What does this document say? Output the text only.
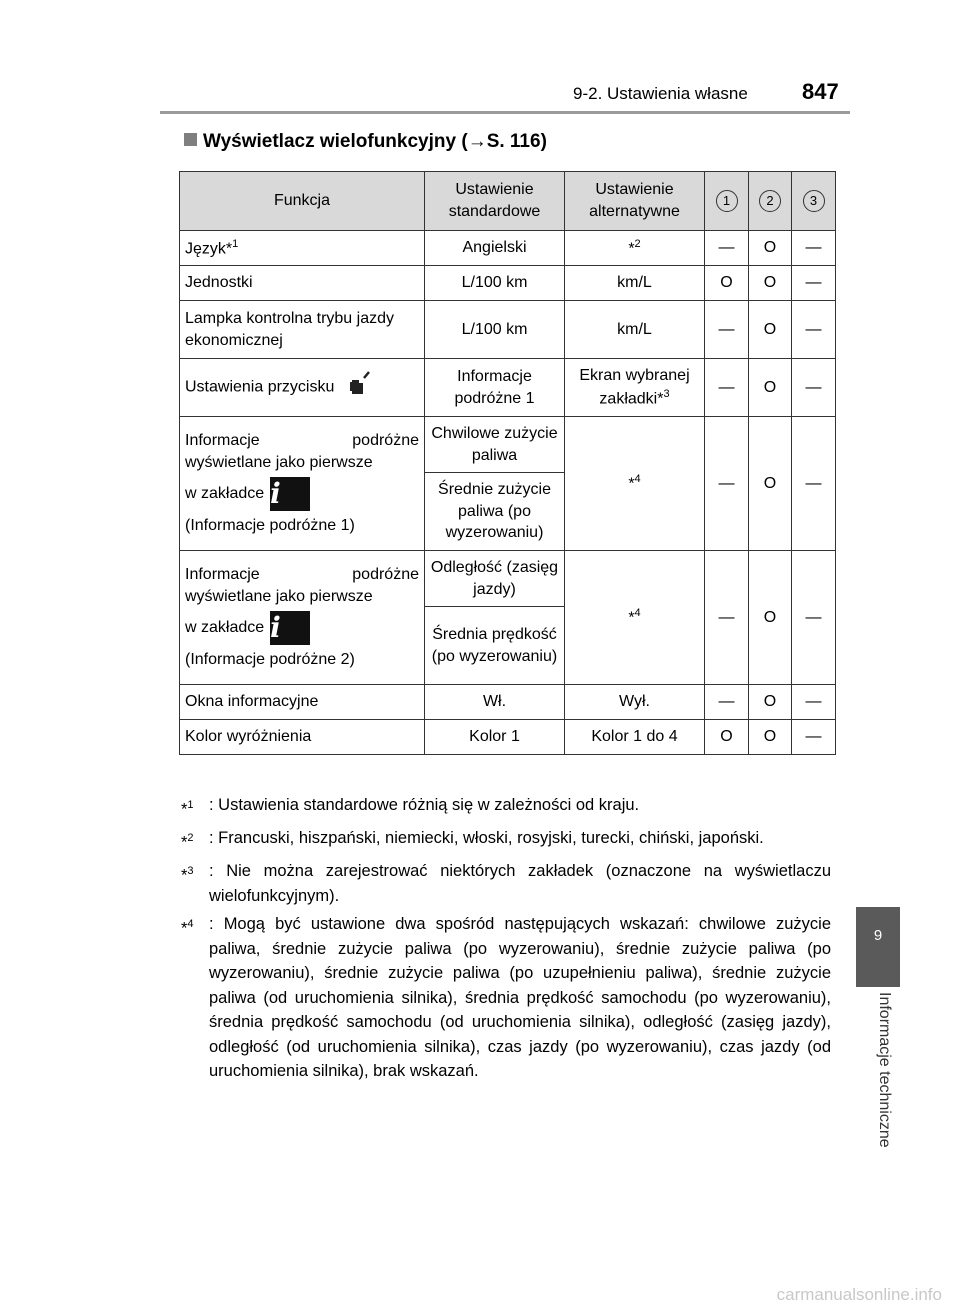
9-2. Ustawienia własne 847
Wyświetlacz wielofunkcyjny (→S. 116)
Funkcja	Ustawienie standardowe	Ustawienie alternatywne	1	2	3
Język*$^1$	Angielski	*$^2$	—	O	—
Jednostki	L/100 km	km/L	O	O	—
Lampka kontrolna trybu jazdy ekonomicznej	L/100 km	km/L	—	O	—
Ustawienia przycisku	Informacje podróżne 1	Ekran wybranej zakładki*$^3$	—	O	—

Informacje podróżne wyświetlane jako pierwsze
w zakładce i
(Informacje podróżne 1)	Chwilowe zużycie paliwa	*$^4$	—	O	—
	Średnie zużycie paliwa (po wyzerowaniu)				

Informacje podróżne wyświetlane jako pierwsze
w zakładce i
(Informacje podróżne 2)	Odległość (zasięg jazdy)	*$^4$	—	O	—
	Średnia prędkość (po wyzerowaniu)				
Okna informacyjne	Wł.	Wył.	—	O	—
Kolor wyróżnienia	Kolor 1	Kolor 1 do 4	O	O	—
*$^1$ : Ustawienia standardowe różnią się w zależności od kraju.
*$^2$ : Francuski, hiszpański, niemiecki, włoski, rosyjski, turecki, chiński, japoński.
*$^3$ : Nie można zarejestrować niektórych zakładek (oznaczone na wyświetlaczu wielofunkcyjnym).
*$^4$ : Mogą być ustawione dwa spośród następujących wskazań: chwilowe zużycie paliwa, średnie zużycie paliwa (po wyzerowaniu), średnie zużycie paliwa (po wyzerowaniu), średnie zużycie paliwa (po uzupełnieniu paliwa), średnie zużycie paliwa (od uruchomienia silnika), średnia prędkość samochodu (po wyzerowaniu), średnia prędkość samochodu (od uruchomienia silnika), odległość (zasięg jazdy), odległość (od uruchomienia silnika), czas jazdy (po wyzerowaniu), czas jazdy (od uruchomienia silnika), brak wskazań.
9
Informacje techniczne
carmanualsonline.info
